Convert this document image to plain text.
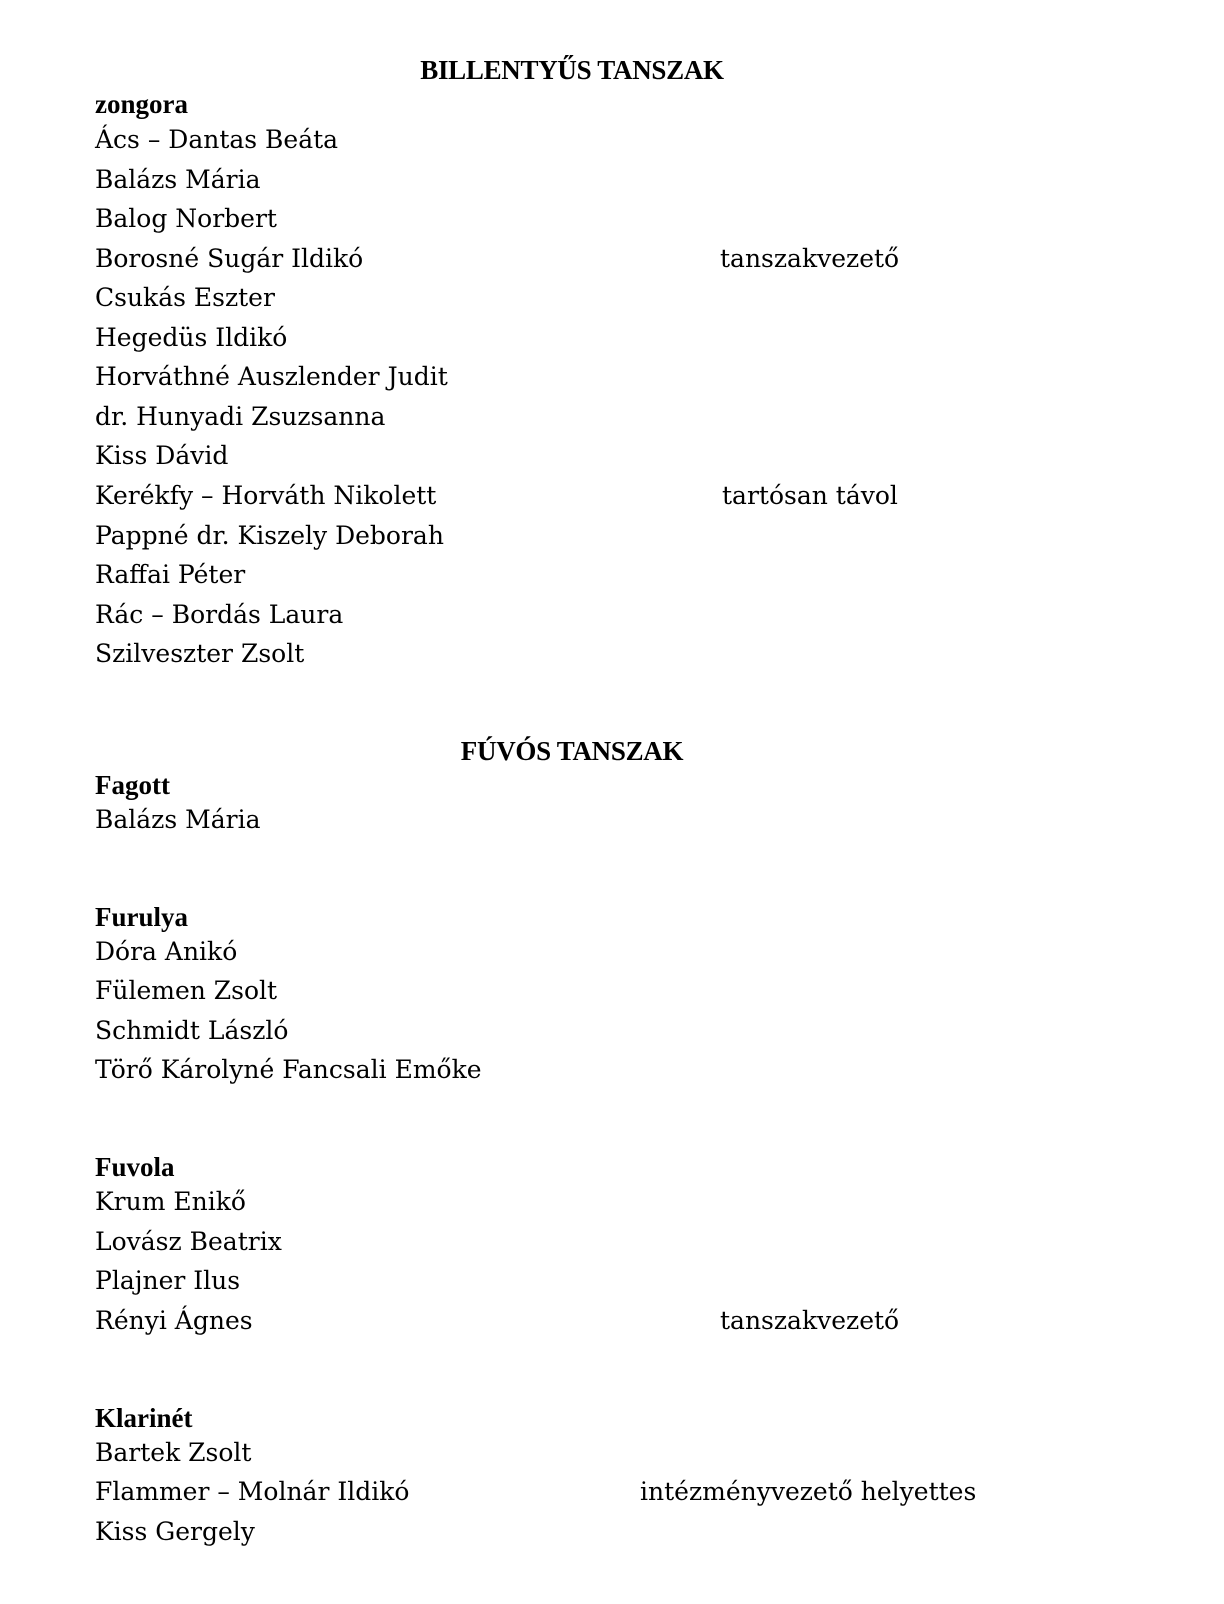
BILLENTYŰS TANSZAK
zongora
Ács – Dantas Beáta
Balázs Mária
Balog Norbert
Borosné Sugár Ildikó	tanszakvezető
Csukás Eszter
Hegedüs Ildikó
Horváthné Auszlender Judit
dr. Hunyadi Zsuzsanna
Kiss Dávid
Kerékfy – Horváth Nikolett	tartósan távol
Pappné dr. Kiszely Deborah
Raffai Péter
Rác – Bordás Laura
Szilveszter Zsolt
FÚVÓS TANSZAK
Fagott
Balázs Mária
Furulya
Dóra Anikó
Fülemen Zsolt
Schmidt László
Törő Károlyné Fancsali Emőke
Fuvola
Krum Enikő
Lovász Beatrix
Plajner Ilus
Rényi Ágnes	tanszakvezető
Klarinét
Bartek Zsolt
Flammer – Molnár Ildikó	intézményvezető helyettes
Kiss Gergely
